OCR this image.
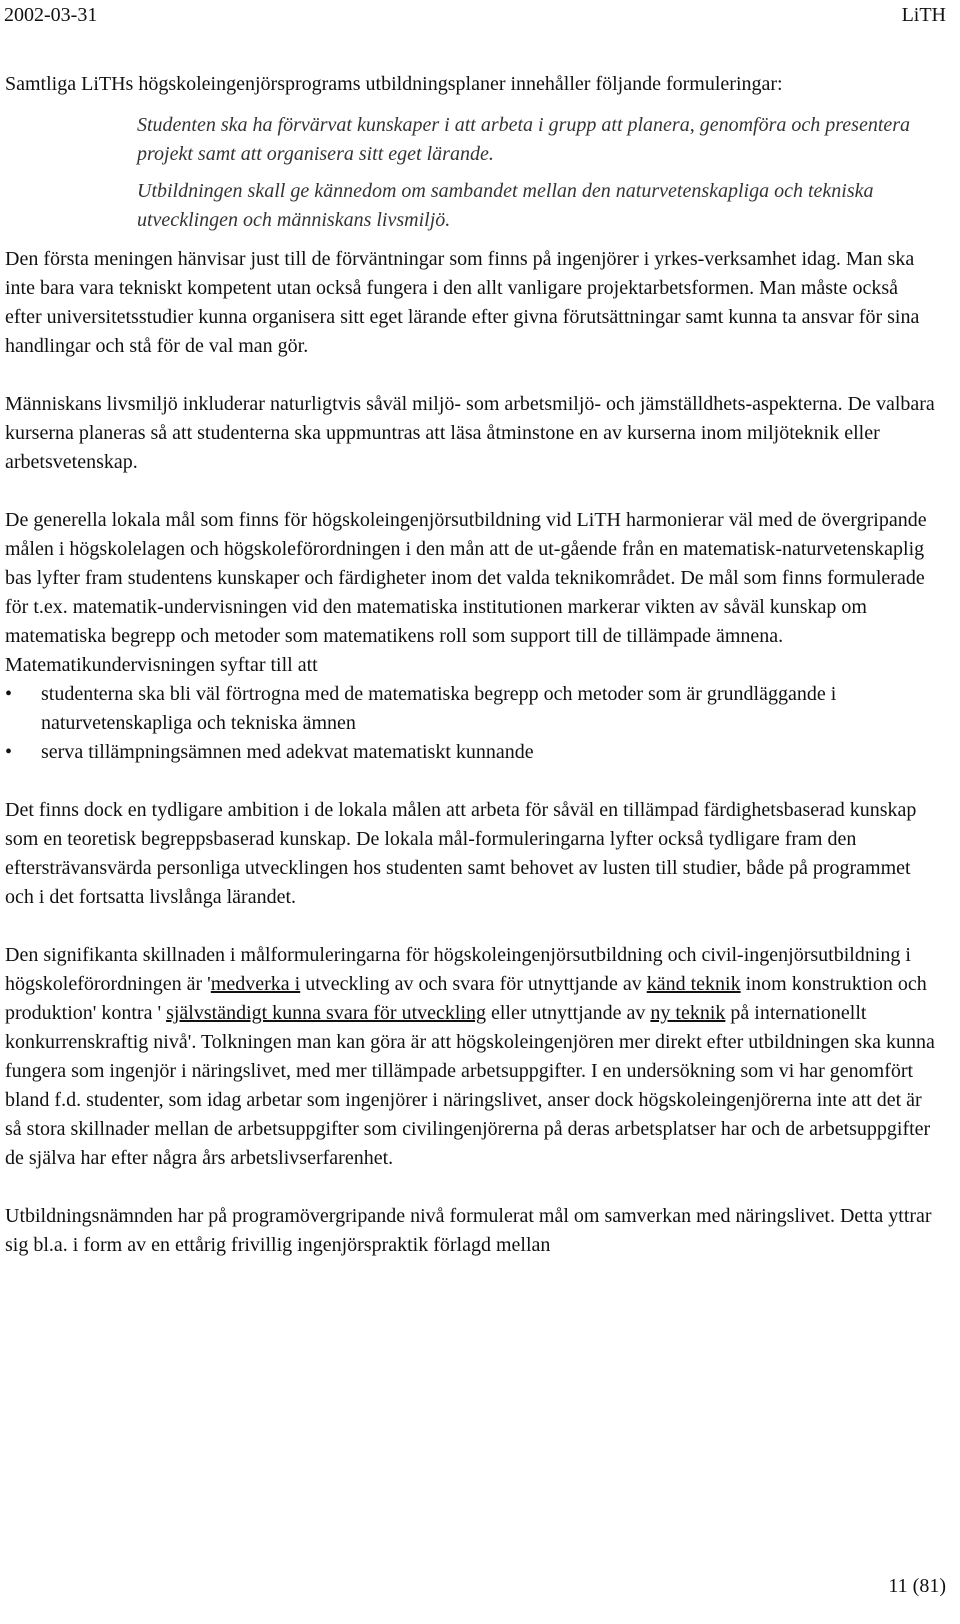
2002-03-31	LiTH

Samtliga LiTHs högskoleingenjörsprograms utbildningsplaner innehåller följande formuleringar:

Studenten ska ha förvärvat kunskaper i att arbeta i grupp att planera, genomföra och presentera projekt samt att organisera sitt eget lärande.

Utbildningen skall ge kännedom om sambandet mellan den naturvetenskapliga och tekniska utvecklingen och människans livsmiljö.

Den första meningen hänvisar just till de förväntningar som finns på ingenjörer i yrkes-verksamhet idag. Man ska inte bara vara tekniskt kompetent utan också fungera i den allt vanligare projektarbetsformen. Man måste också efter universitetsstudier kunna organisera sitt eget lärande efter givna förutsättningar samt kunna ta ansvar för sina handlingar och stå för de val man gör.

Människans livsmiljö inkluderar naturligtvis såväl miljö- som arbetsmiljö- och jämställdhets-aspekterna. De valbara kurserna planeras så att studenterna ska uppmuntras att läsa åtminstone en av kurserna inom miljöteknik eller arbetsvetenskap.

De generella lokala mål som finns för högskoleingenjörsutbildning vid LiTH harmonierar väl med de övergripande målen i högskolelagen och högskoleförordningen i den mån att de ut-gående från en matematisk-naturvetenskaplig bas lyfter fram studentens kunskaper och färdigheter inom det valda teknikområdet. De mål som finns formulerade för t.ex. matematik-undervisningen vid den matematiska institutionen markerar vikten av såväl kunskap om matematiska begrepp och metoder som matematikens roll som support till de tillämpade ämnena.

Matematikundervisningen syftar till att

• studenterna ska bli väl förtrogna med de matematiska begrepp och metoder som är grundläggande i naturvetenskapliga och tekniska ämnen
• serva tillämpningsämnen med adekvat matematiskt kunnande

Det finns dock en tydligare ambition i de lokala målen att arbeta för såväl en tillämpad färdighetsbaserad kunskap som en teoretisk begreppsbaserad kunskap. De lokala mål-formuleringarna lyfter också tydligare fram den eftersträvansvärda personliga utvecklingen hos studenten samt behovet av lusten till studier, både på programmet och i det fortsatta livslånga lärandet.

Den signifikanta skillnaden i målformuleringarna för högskoleingenjörsutbildning och civil-ingenjörsutbildning i högskoleförordningen är 'medverka i utveckling av och svara för utnyttjande av känd teknik inom konstruktion och produktion' kontra ' självständigt kunna svara för utveckling eller utnyttjande av ny teknik på internationellt konkurrenskraftig nivå'. Tolkningen man kan göra är att högskoleingenjören mer direkt efter utbildningen ska kunna fungera som ingenjör i näringslivet, med mer tillämpade arbetsuppgifter. I en undersökning som vi har genomfört bland f.d. studenter, som idag arbetar som ingenjörer i näringslivet, anser dock högskoleingenjörerna inte att det är så stora skillnader mellan de arbetsuppgifter som civilingenjörerna på deras arbetsplatser har och de arbetsuppgifter de själva har efter några års arbetslivserfarenhet.

Utbildningsnämnden har på programövergripande nivå formulerat mål om samverkan med näringslivet. Detta yttrar sig bl.a. i form av en ettårig frivillig ingenjörspraktik förlagd mellan

11 (81)
